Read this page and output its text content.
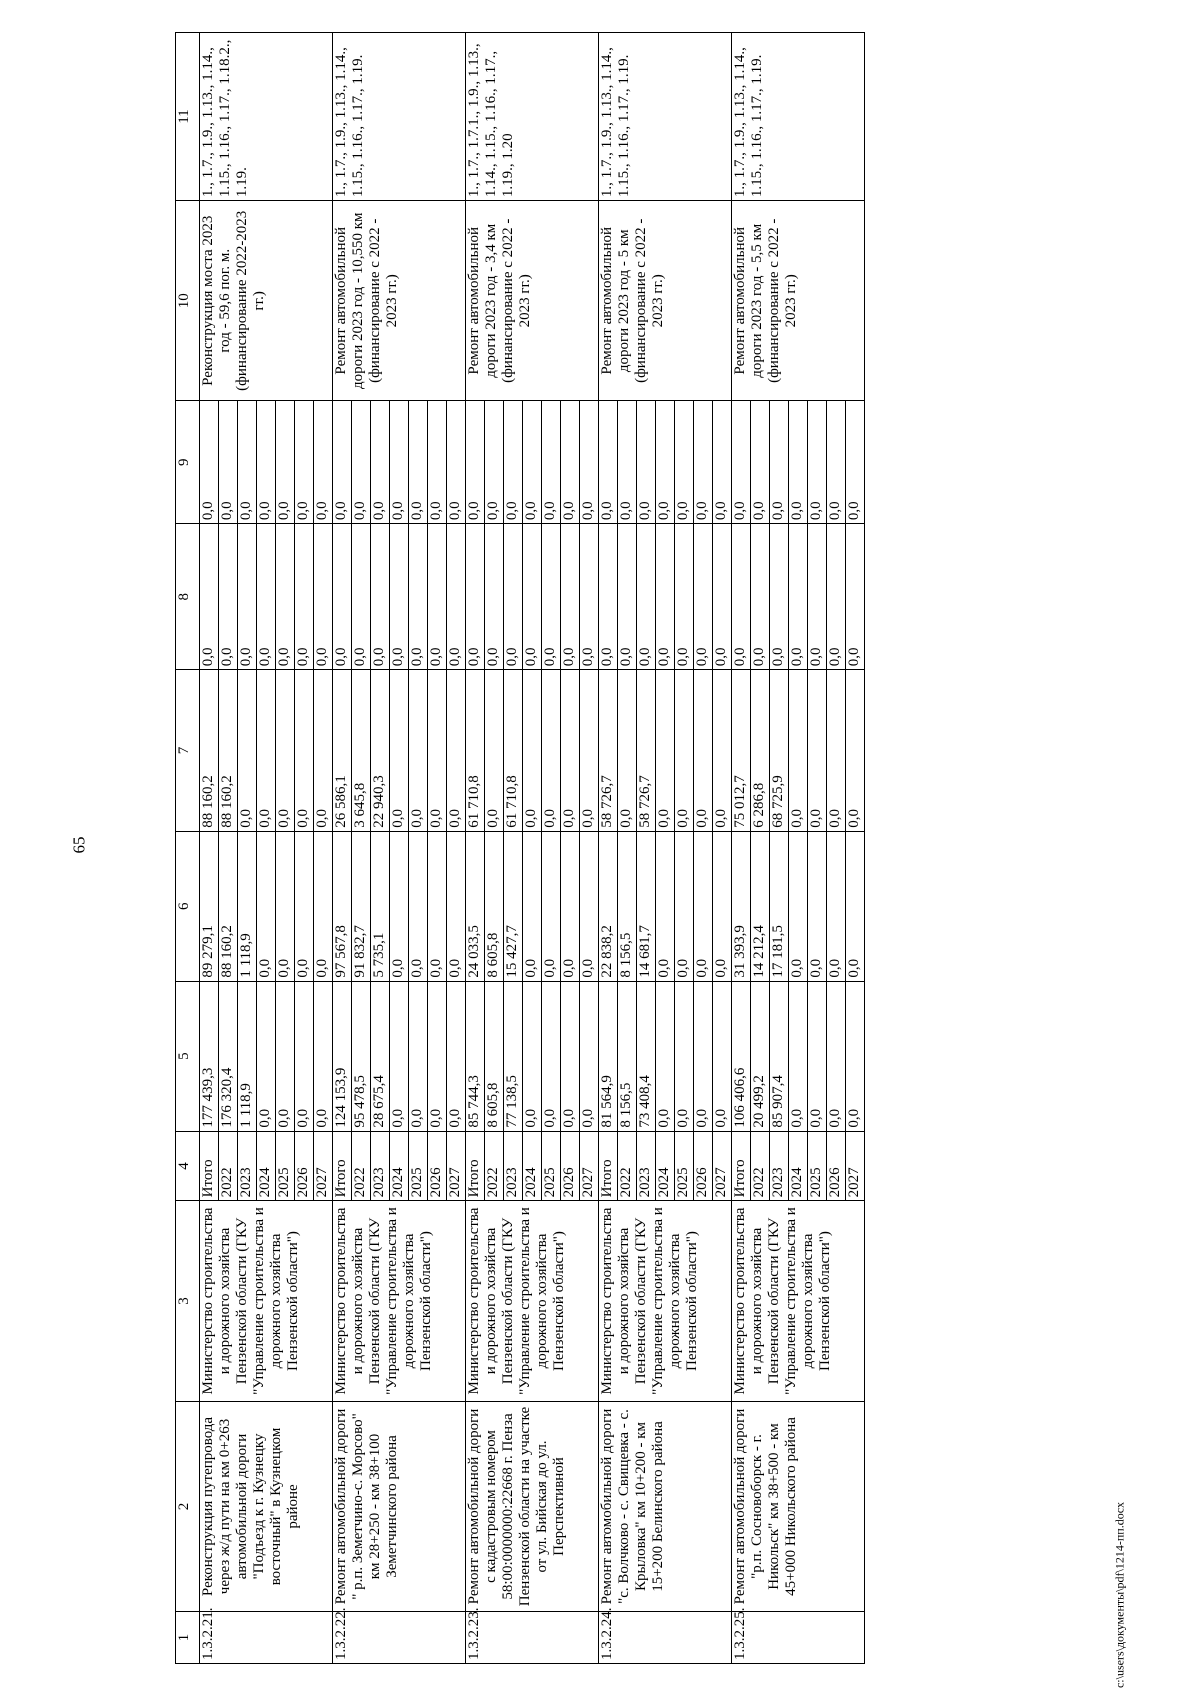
65
1	2	3	4	5	6	7	8	9	10	11
1.3.2.21.	Реконструкция путепровода через ж/д пути на км 0+263 автомобильной дороги "Подъезд к г. Кузнецку восточный" в Кузнецком районе	Министерство строительства и дорожного хозяйства Пензенской области (ГКУ "Управление строительства и дорожного хозяйства Пензенской области")	Итого	177 439,3	89 279,1	88 160,2	0,0	0,0	Реконструкция моста 2023 год - 59,6 пог. м. (финансирование 2022-2023 гг.)	1., 1.7., 1.9., 1.13., 1.14., 1.15., 1.16., 1.17., 1.18.2., 1.19.
			2022	176 320,4	88 160,2	88 160,2	0,0	0,0		
			2023	1 118,9	1 118,9	0,0	0,0	0,0		
			2024	0,0	0,0	0,0	0,0	0,0		
			2025	0,0	0,0	0,0	0,0	0,0		
			2026	0,0	0,0	0,0	0,0	0,0		
			2027	0,0	0,0	0,0	0,0	0,0		
1.3.2.22.	Ремонт автомобильной дороги " р.п. Земетчино-с. Морсово" км 28+250 - км 38+100 Земетчинского района	Министерство строительства и дорожного хозяйства Пензенской области (ГКУ "Управление строительства и дорожного хозяйства Пензенской области")	Итого	124 153,9	97 567,8	26 586,1	0,0	0,0	Ремонт автомобильной дороги 2023 год - 10,550 км (финансирование с 2022 - 2023 гг.)	1., 1.7., 1.9., 1.13., 1.14., 1.15., 1.16., 1.17., 1.19.
			2022	95 478,5	91 832,7	3 645,8	0,0	0,0		
			2023	28 675,4	5 735,1	22 940,3	0,0	0,0		
			2024	0,0	0,0	0,0	0,0	0,0		
			2025	0,0	0,0	0,0	0,0	0,0		
			2026	0,0	0,0	0,0	0,0	0,0		
			2027	0,0	0,0	0,0	0,0	0,0		
1.3.2.23.	Ремонт автомобильной дороги с кадастровым номером 58:00:0000000:22668 г. Пенза Пензенской области на участке от ул. Бийская до ул. Перспективной	Министерство строительства и дорожного хозяйства Пензенской области (ГКУ "Управление строительства и дорожного хозяйства Пензенской области")	Итого	85 744,3	24 033,5	61 710,8	0,0	0,0	Ремонт автомобильной дороги 2023 год - 3,4 км (финансирование с 2022 - 2023 гг.)	1., 1.7., 1.7.1., 1.9., 1.13., 1.14., 1.15., 1.16., 1.17., 1.19., 1.20
			2022	8 605,8	8 605,8	0,0	0,0	0,0		
			2023	77 138,5	15 427,7	61 710,8	0,0	0,0		
			2024	0,0	0,0	0,0	0,0	0,0		
			2025	0,0	0,0	0,0	0,0	0,0		
			2026	0,0	0,0	0,0	0,0	0,0		
			2027	0,0	0,0	0,0	0,0	0,0		
1.3.2.24.	Ремонт автомобильной дороги "с. Волчково - с. Свищевка - с. Крыловка" км 10+200 - км 15+200 Белинского района	Министерство строительства и дорожного хозяйства Пензенской области (ГКУ "Управление строительства и дорожного хозяйства Пензенской области")	Итого	81 564,9	22 838,2	58 726,7	0,0	0,0	Ремонт автомобильной дороги 2023 год - 5 км (финансирование с 2022 - 2023 гг.)	1., 1.7., 1.9., 1.13., 1.14., 1.15., 1.16., 1.17., 1.19.
			2022	8 156,5	8 156,5	0,0	0,0	0,0		
			2023	73 408,4	14 681,7	58 726,7	0,0	0,0		
			2024	0,0	0,0	0,0	0,0	0,0		
			2025	0,0	0,0	0,0	0,0	0,0		
			2026	0,0	0,0	0,0	0,0	0,0		
			2027	0,0	0,0	0,0	0,0	0,0		
1.3.2.25.	Ремонт автомобильной дороги "р.п. Сосновоборск - г. Никольск" км 38+500 - км 45+000 Никольского района	Министерство строительства и дорожного хозяйства Пензенской области (ГКУ "Управление строительства и дорожного хозяйства Пензенской области")	Итого	106 406,6	31 393,9	75 012,7	0,0	0,0	Ремонт автомобильной дороги 2023 год - 5,5 км (финансирование с 2022 - 2023 гг.)	1., 1.7., 1.9., 1.13., 1.14., 1.15., 1.16., 1.17., 1.19.
			2022	20 499,2	14 212,4	6 286,8	0,0	0,0		
			2023	85 907,4	17 181,5	68 725,9	0,0	0,0		
			2024	0,0	0,0	0,0	0,0	0,0		
			2025	0,0	0,0	0,0	0,0	0,0		
			2026	0,0	0,0	0,0	0,0	0,0		
			2027	0,0	0,0	0,0	0,0	0,0		
c:\users\документы\pdf\1214-пп.docx
